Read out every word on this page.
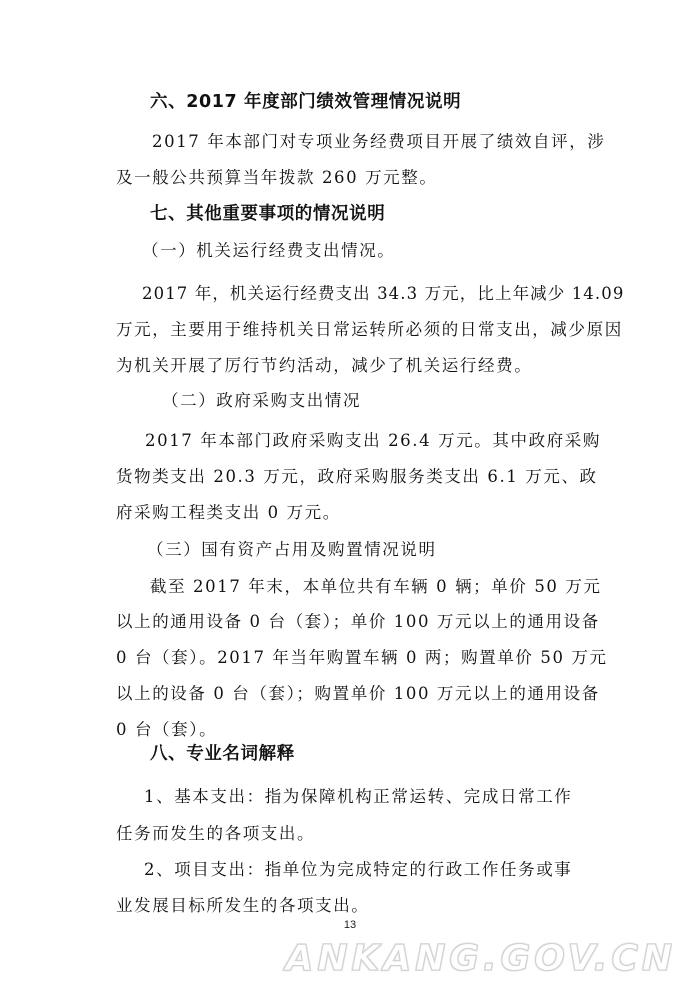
六、2017 年度部门绩效管理情况说明
2017 年本部门对专项业务经费项目开展了绩效自评，涉
及一般公共预算当年拨款 260 万元整。
七、其他重要事项的情况说明
（一）机关运行经费支出情况。
2017 年，机关运行经费支出 34.3 万元，比上年减少 14.09
万元，主要用于维持机关日常运转所必须的日常支出，减少原因
为机关开展了厉行节约活动，减少了机关运行经费。
（二）政府采购支出情况
2017 年本部门政府采购支出 26.4 万元。其中政府采购
货物类支出 20.3 万元，政府采购服务类支出 6.1 万元、政
府采购工程类支出 0 万元。
（三）国有资产占用及购置情况说明
截至 2017 年末，本单位共有车辆 0 辆；单价 50 万元
以上的通用设备 0 台（套）；单价 100 万元以上的通用设备
0 台（套）。2017 年当年购置车辆 0 两；购置单价 50 万元
以上的设备 0 台（套）；购置单价 100 万元以上的通用设备
0 台（套）。
八、专业名词解释
1、基本支出：指为保障机构正常运转、完成日常工作
任务而发生的各项支出。
2、项目支出：指单位为完成特定的行政工作任务或事
业发展目标所发生的各项支出。
13
ANKANG.GOV.CN
